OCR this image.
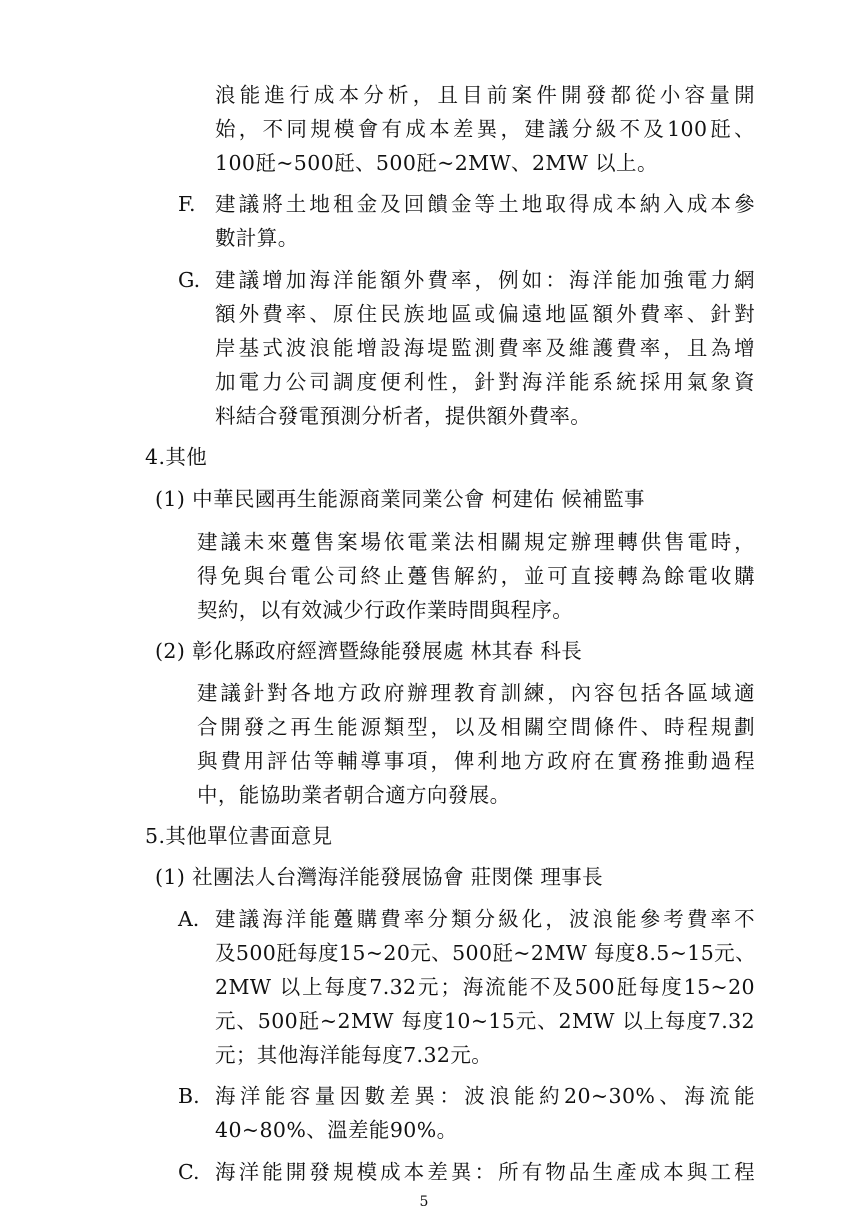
浪能進行成本分析，且目前案件開發都從小容量開
始，不同規模會有成本差異，建議分級不及100瓩、
100瓩~500瓩、500瓩~2MW、2MW 以上。
F. 建議將土地租金及回饋金等土地取得成本納入成本參
數計算。
G. 建議增加海洋能額外費率，例如：海洋能加強電力網
額外費率、原住民族地區或偏遠地區額外費率、針對
岸基式波浪能增設海堤監測費率及維護費率，且為增
加電力公司調度便利性，針對海洋能系統採用氣象資
料結合發電預測分析者，提供額外費率。
4.其他
(1) 中華民國再生能源商業同業公會 柯建佑 候補監事
建議未來躉售案場依電業法相關規定辦理轉供售電時，
得免與台電公司終止躉售解約，並可直接轉為餘電收購
契約，以有效減少行政作業時間與程序。
(2) 彰化縣政府經濟暨綠能發展處 林其春 科長
建議針對各地方政府辦理教育訓練，內容包括各區域適
合開發之再生能源類型，以及相關空間條件、時程規劃
與費用評估等輔導事項，俾利地方政府在實務推動過程
中，能協助業者朝合適方向發展。
5.其他單位書面意見
(1) 社團法人台灣海洋能發展協會 莊閔傑 理事長
A. 建議海洋能躉購費率分類分級化，波浪能參考費率不
及500瓩每度15~20元、500瓩~2MW 每度8.5~15元、
2MW 以上每度7.32元；海流能不及500瓩每度15~20
元、500瓩~2MW 每度10~15元、2MW 以上每度7.32
元；其他海洋能每度7.32元。
B. 海洋能容量因數差異：波浪能約20~30%、海流能
40~80%、溫差能90%。
C. 海洋能開發規模成本差異：所有物品生產成本與工程
5
